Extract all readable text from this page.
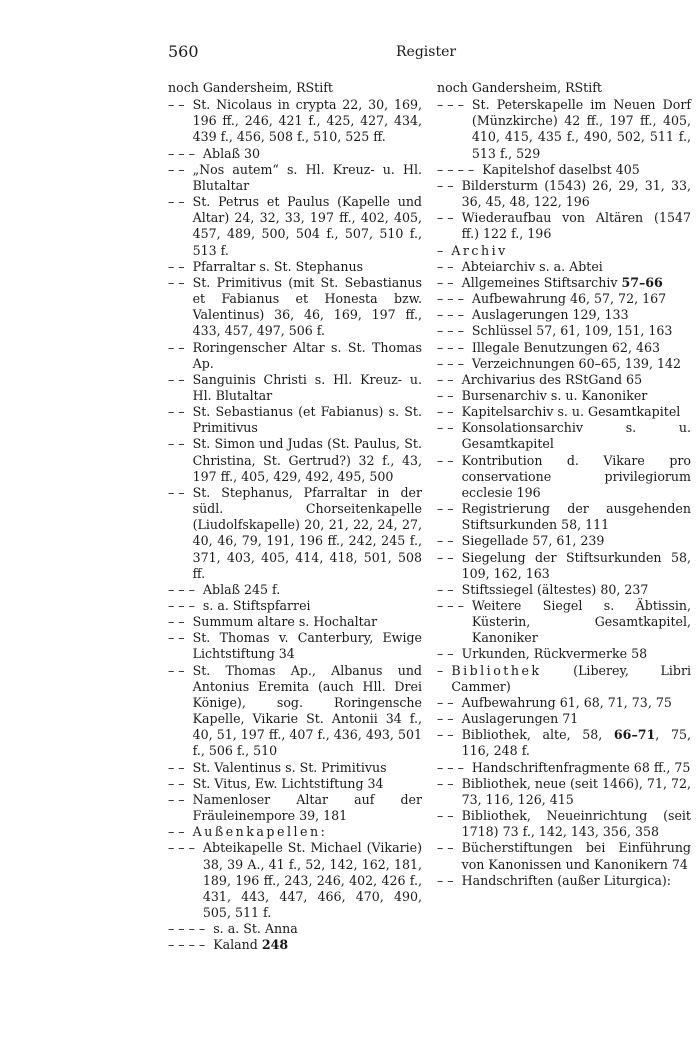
560	Register
noch Gandersheim, RStift
– – St. Nicolaus in crypta 22, 30, 169, 196 ff., 246, 421 f., 425, 427, 434, 439 f., 456, 508 f., 510, 525 ff.
– – – Ablaß 30
– – „Nos autem“ s. Hl. Kreuz- u. Hl. Blutaltar
– – St. Petrus et Paulus (Kapelle und Altar) 24, 32, 33, 197 ff., 402, 405, 457, 489, 500, 504 f., 507, 510 f., 513 f.
– – Pfarraltar s. St. Stephanus
– – St. Primitivus (mit St. Sebastianus et Fabianus et Honesta bzw. Valentinus) 36, 46, 169, 197 ff., 433, 457, 497, 506 f.
– – Roringenscher Altar s. St. Thomas Ap.
– – Sanguinis Christi s. Hl. Kreuz- u. Hl. Blutaltar
– – St. Sebastianus (et Fabianus) s. St. Primitivus
– – St. Simon und Judas (St. Paulus, St. Christina, St. Gertrud?) 32 f., 43, 197 ff., 405, 429, 492, 495, 500
– – St. Stephanus, Pfarraltar in der südl. Chorseitenkapelle (Liudolfskapelle) 20, 21, 22, 24, 27, 40, 46, 79, 191, 196 ff., 242, 245 f., 371, 403, 405, 414, 418, 501, 508 ff.
– – – Ablaß 245 f.
– – – s. a. Stiftspfarrei
– – Summum altare s. Hochaltar
– – St. Thomas v. Canterbury, Ewige Lichtstiftung 34
– – St. Thomas Ap., Albanus und Antonius Eremita (auch Hll. Drei Könige), sog. Roringensche Kapelle, Vikarie St. Antonii 34 f., 40, 51, 197 ff., 407 f., 436, 493, 501 f., 506 f., 510
– – St. Valentinus s. St. Primitivus
– – St. Vitus, Ew. Lichtstiftung 34
– – Namenloser Altar auf der Fräuleinempore 39, 181
– – Außenkapellen:
– – – Abteikapelle St. Michael (Vikarie) 38, 39 A., 41 f., 52, 142, 162, 181, 189, 196 ff., 243, 246, 402, 426 f., 431, 443, 447, 466, 470, 490, 505, 511 f.
– – – – s. a. St. Anna
– – – – Kaland 248
noch Gandersheim, RStift
– – – St. Peterskapelle im Neuen Dorf (Münzkirche) 42 ff., 197 ff., 405, 410, 415, 435 f., 490, 502, 511 f., 513 f., 529
– – – – Kapitelshof daselbst 405
– – Bildersturm (1543) 26, 29, 31, 33, 36, 45, 48, 122, 196
– – Wiederaufbau von Altären (1547 ff.) 122 f., 196
– Archiv
– – Abteiarchiv s. a. Abtei
– – Allgemeines Stiftsarchiv 57–66
– – – Aufbewahrung 46, 57, 72, 167
– – – Auslagerungen 129, 133
– – – Schlüssel 57, 61, 109, 151, 163
– – – Illegale Benutzungen 62, 463
– – – Verzeichnungen 60–65, 139, 142
– – Archivarius des RStGand 65
– – Bursenarchiv s. u. Kanoniker
– – Kapitelsarchiv s. u. Gesamtkapitel
– – Konsolationsarchiv s. u. Gesamtkapitel
– – Kontribution d. Vikare pro conservatione privilegiorum ecclesie 196
– – Registrierung der ausgehenden Stiftsurkunden 58, 111
– – Siegellade 57, 61, 239
– – Siegelung der Stiftsurkunden 58, 109, 162, 163
– – Stiftssiegel (ältestes) 80, 237
– – – Weitere Siegel s. Äbtissin, Küsterin, Gesamtkapitel, Kanoniker
– – Urkunden, Rückvermerke 58
– Bibliothek (Liberey, Libri Cammer)
– – Aufbewahrung 61, 68, 71, 73, 75
– – Auslagerungen 71
– – Bibliothek, alte, 58, 66–71, 75, 116, 248 f.
– – – Handschriftenfragmente 68 ff., 75
– – Bibliothek, neue (seit 1466), 71, 72, 73, 116, 126, 415
– – Bibliothek, Neueinrichtung (seit 1718) 73 f., 142, 143, 356, 358
– – Bücherstiftungen bei Einführung von Kanonissen und Kanonikern 74
– – Handschriften (außer Liturgica):
